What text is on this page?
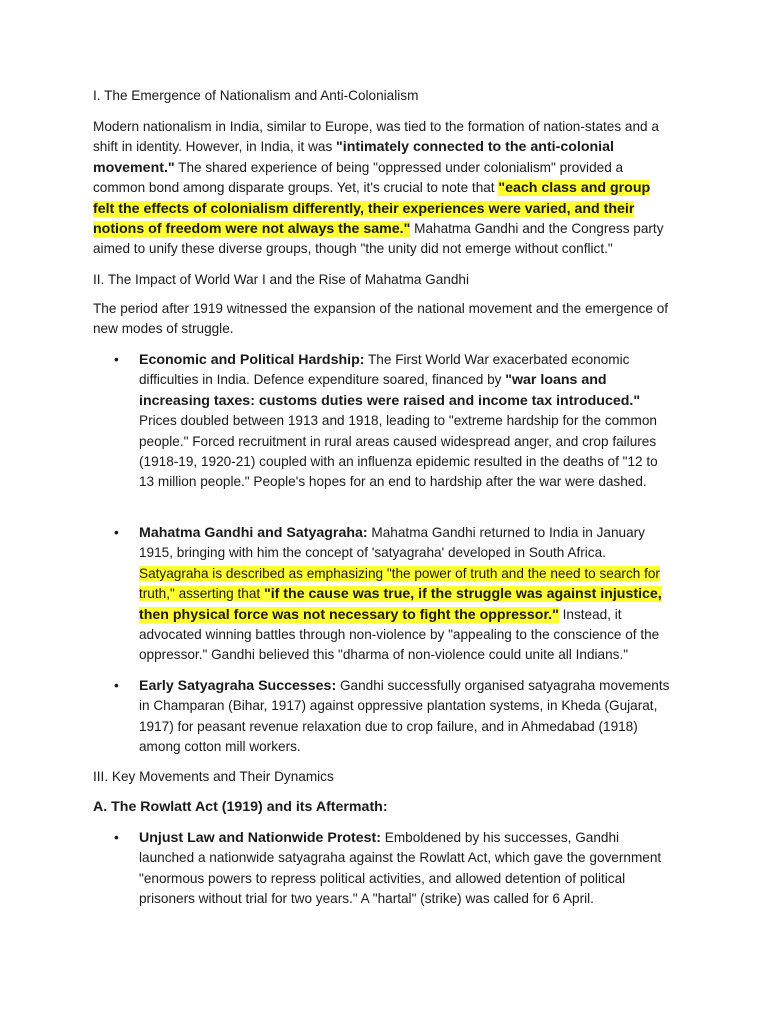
I. The Emergence of Nationalism and Anti-Colonialism

Modern nationalism in India, similar to Europe, was tied to the formation of nation-states and a shift in identity. However, in India, it was "intimately connected to the anti-colonial movement." The shared experience of being "oppressed under colonialism" provided a common bond among disparate groups. Yet, it's crucial to note that "each class and group felt the effects of colonialism differently, their experiences were varied, and their notions of freedom were not always the same." Mahatma Gandhi and the Congress party aimed to unify these diverse groups, though "the unity did not emerge without conflict."

II. The Impact of World War I and the Rise of Mahatma Gandhi

The period after 1919 witnessed the expansion of the national movement and the emergence of new modes of struggle.

•	Economic and Political Hardship: The First World War exacerbated economic difficulties in India. Defence expenditure soared, financed by "war loans and increasing taxes: customs duties were raised and income tax introduced." Prices doubled between 1913 and 1918, leading to "extreme hardship for the common people." Forced recruitment in rural areas caused widespread anger, and crop failures (1918-19, 1920-21) coupled with an influenza epidemic resulted in the deaths of "12 to 13 million people." People's hopes for an end to hardship after the war were dashed.

•	Mahatma Gandhi and Satyagraha: Mahatma Gandhi returned to India in January 1915, bringing with him the concept of 'satyagraha' developed in South Africa. Satyagraha is described as emphasizing "the power of truth and the need to search for truth," asserting that "if the cause was true, if the struggle was against injustice, then physical force was not necessary to fight the oppressor." Instead, it advocated winning battles through non-violence by "appealing to the conscience of the oppressor." Gandhi believed this "dharma of non-violence could unite all Indians."

•	Early Satyagraha Successes: Gandhi successfully organised satyagraha movements in Champaran (Bihar, 1917) against oppressive plantation systems, in Kheda (Gujarat, 1917) for peasant revenue relaxation due to crop failure, and in Ahmedabad (1918) among cotton mill workers.

III. Key Movements and Their Dynamics

A. The Rowlatt Act (1919) and its Aftermath:

•	Unjust Law and Nationwide Protest: Emboldened by his successes, Gandhi launched a nationwide satyagraha against the Rowlatt Act, which gave the government "enormous powers to repress political activities, and allowed detention of political prisoners without trial for two years." A "hartal" (strike) was called for 6 April.
